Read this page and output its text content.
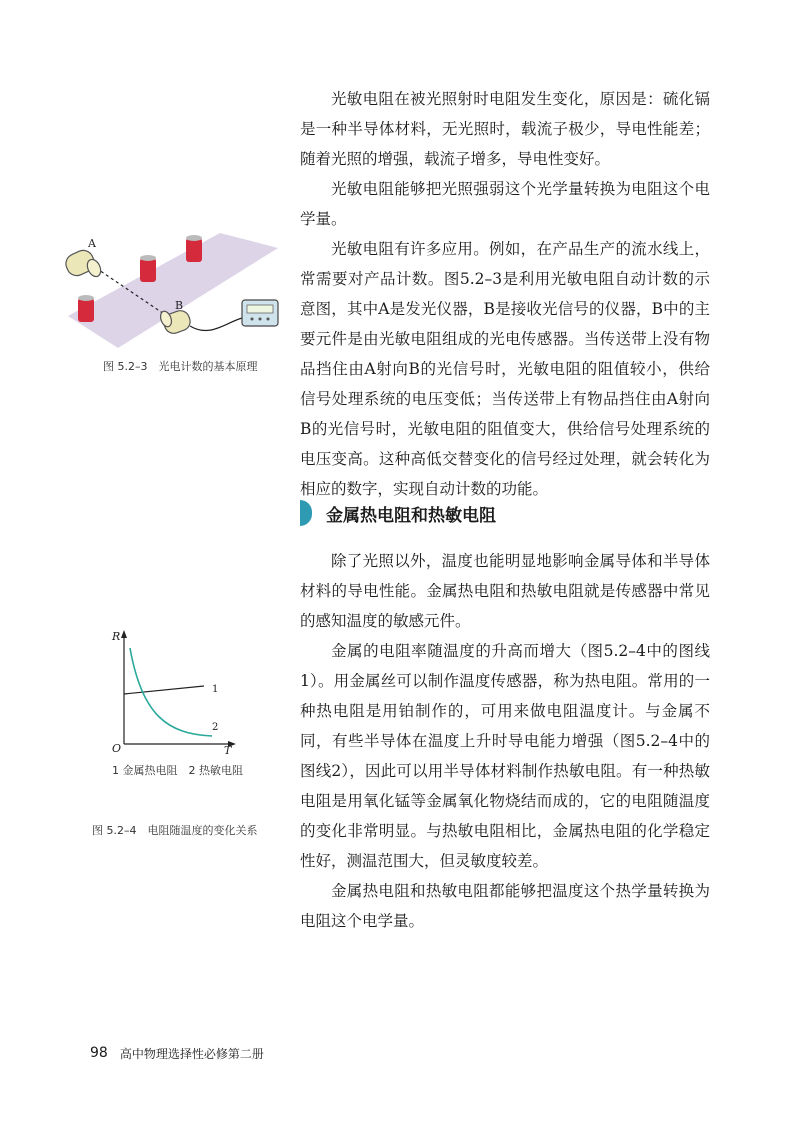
光敏电阻在被光照射时电阻发生变化，原因是：硫化镉是一种半导体材料，无光照时，载流子极少，导电性能差；随着光照的增强，载流子增多，导电性变好。

光敏电阻能够把光照强弱这个光学量转换为电阻这个电学量。

光敏电阻有许多应用。例如，在产品生产的流水线上，常需要对产品计数。图5.2–3是利用光敏电阻自动计数的示意图，其中A是发光仪器，B是接收光信号的仪器，B中的主要元件是由光敏电阻组成的光电传感器。当传送带上没有物品挡住由A射向B的光信号时，光敏电阻的阻值较小，供给信号处理系统的电压变低；当传送带上有物品挡住由A射向B的光信号时，光敏电阻的阻值变大，供给信号处理系统的电压变高。这种高低交替变化的信号经过处理，就会转化为相应的数字，实现自动计数的功能。

金属热电阻和热敏电阻

除了光照以外，温度也能明显地影响金属导体和半导体材料的导电性能。金属热电阻和热敏电阻就是传感器中常见的感知温度的敏感元件。

金属的电阻率随温度的升高而增大（图5.2–4中的图线1）。用金属丝可以制作温度传感器，称为热电阻。常用的一种热电阻是用铂制作的，可用来做电阻温度计。与金属不同，有些半导体在温度上升时导电能力增强（图5.2–4中的图线2），因此可以用半导体材料制作热敏电阻。有一种热敏电阻是用氧化锰等金属氧化物烧结而成的，它的电阻随温度的变化非常明显。与热敏电阻相比，金属热电阻的化学稳定性好，测温范围大，但灵敏度较差。

金属热电阻和热敏电阻都能够把温度这个热学量转换为电阻这个电学量。

A
B
图 5.2–3　光电计数的基本原理
R
T
O
1
2
1 金属热电阻　2 热敏电阻
图 5.2–4　电阻随温度的变化关系
98 高中物理选择性必修第二册
